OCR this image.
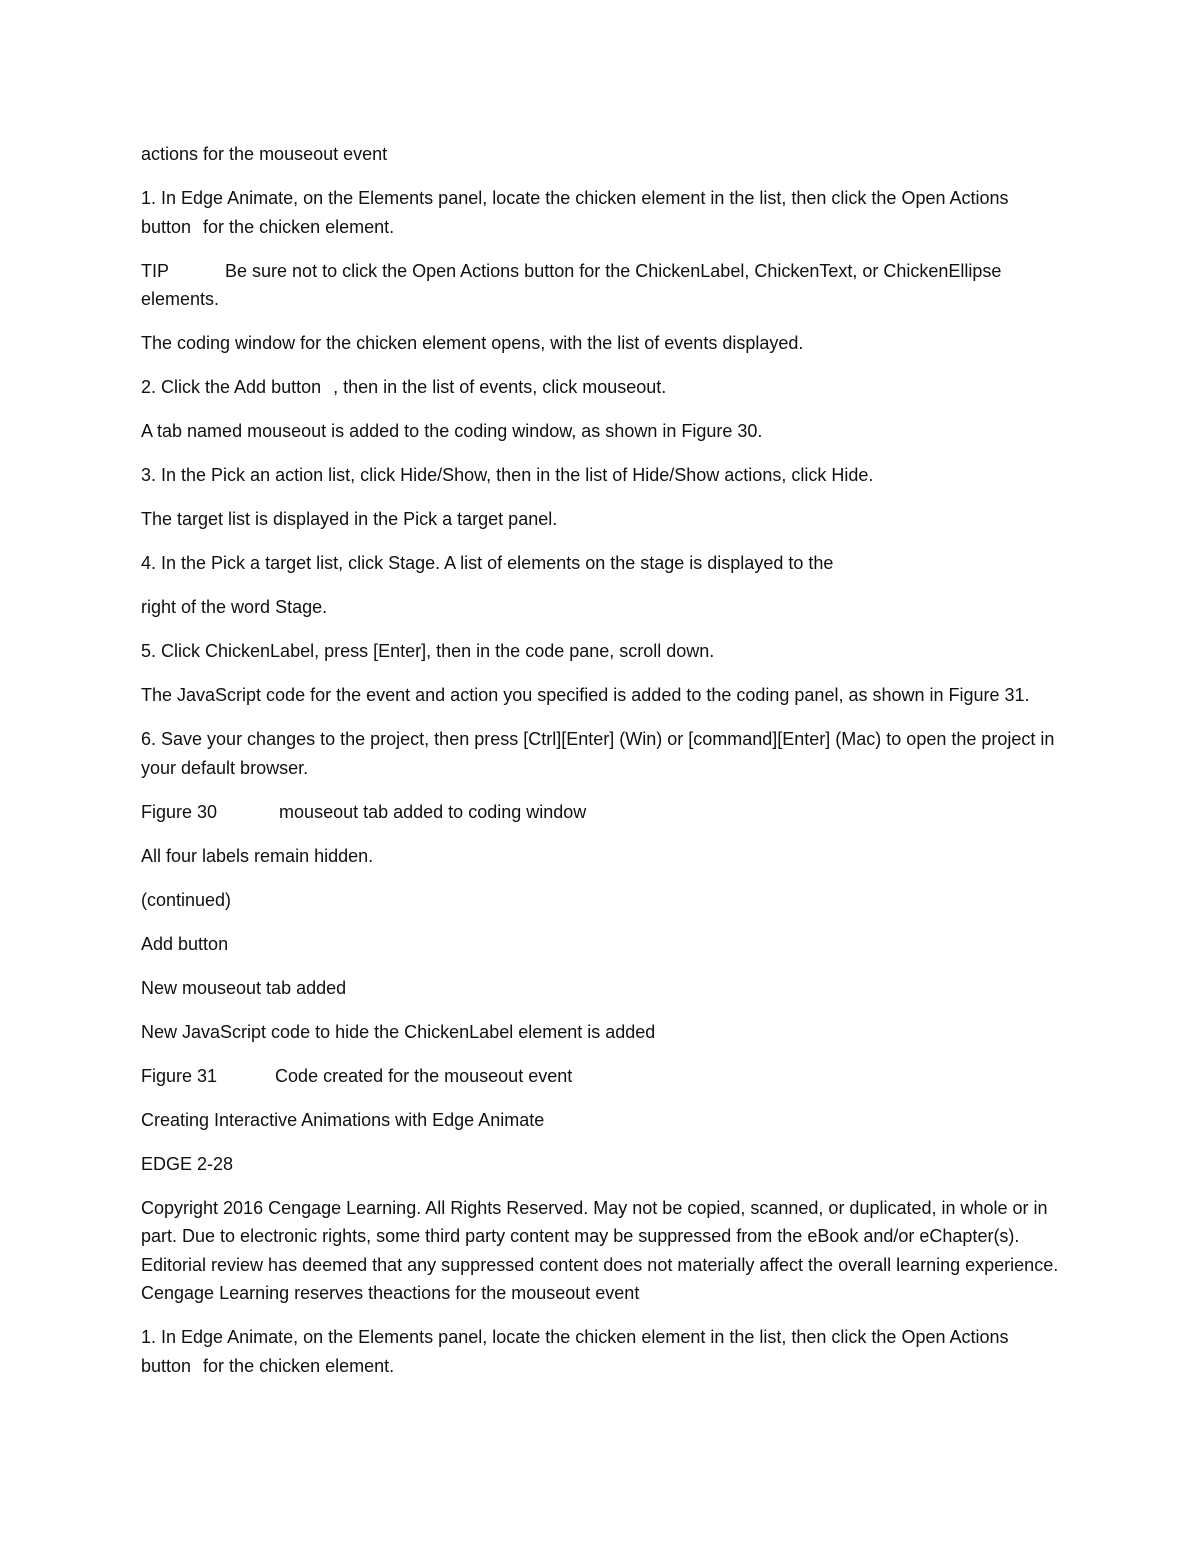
actions for the mouseout event

1. In Edge Animate, on the Elements panel, locate the chicken element in the list, then click the Open Actions button for the chicken element.

TIP	Be sure not to click the Open Actions button for the ChickenLabel, ChickenText, or ChickenEllipse elements.

The coding window for the chicken element opens, with the list of events displayed.

2. Click the Add button , then in the list of events, click mouseout.

A tab named mouseout is added to the coding window, as shown in Figure 30.

3. In the Pick an action list, click Hide/Show, then in the list of Hide/Show actions, click Hide.

The target list is displayed in the Pick a target panel.

4. In the Pick a target list, click Stage. A list of elements on the stage is displayed to the

right of the word Stage.

5. Click ChickenLabel, press [Enter], then in the code pane, scroll down.

The JavaScript code for the event and action you specified is added to the coding panel, as shown in Figure 31.

6. Save your changes to the project, then press [Ctrl][Enter] (Win) or [command][Enter] (Mac) to open the project in your default browser.

Figure 30	mouseout tab added to coding window

All four labels remain hidden.

(continued)

Add button

New mouseout tab added

New JavaScript code to hide the ChickenLabel element is added

Figure 31	Code created for the mouseout event

Creating Interactive Animations with Edge Animate

EDGE 2-28

Copyright 2016 Cengage Learning. All Rights Reserved. May not be copied, scanned, or duplicated, in whole or in part. Due to electronic rights, some third party content may be suppressed from the eBook and/or eChapter(s). Editorial review has deemed that any suppressed content does not materially affect the overall learning experience. Cengage Learning reserves theactions for the mouseout event

1. In Edge Animate, on the Elements panel, locate the chicken element in the list, then click the Open Actions button for the chicken element.
